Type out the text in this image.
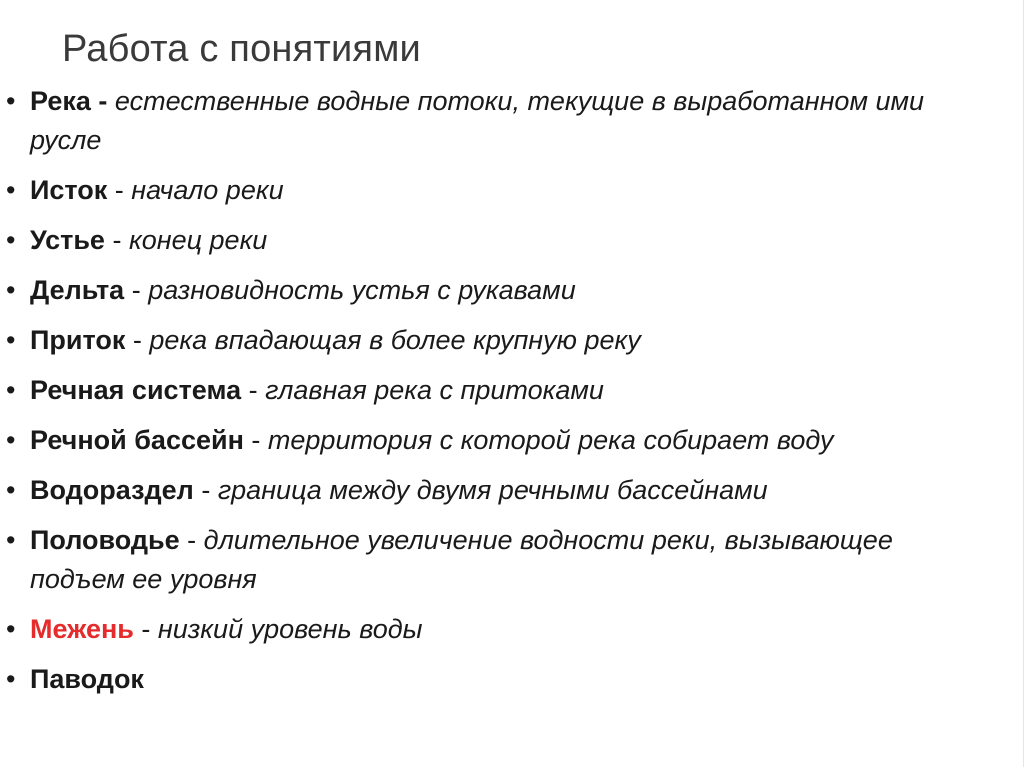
Работа с понятиями
• Река - естественные водные потоки, текущие в выработанном ими русле
• Исток - начало реки
• Устье - конец реки
• Дельта - разновидность устья с рукавами
• Приток - река впадающая в более крупную реку
• Речная система - главная река с притоками
• Речной бассейн - территория с которой река собирает воду
• Водораздел - граница между двумя речными бассейнами
• Половодье - длительное увеличение водности реки, вызывающее подъем ее уровня
• Межень - низкий уровень воды
• Паводок
